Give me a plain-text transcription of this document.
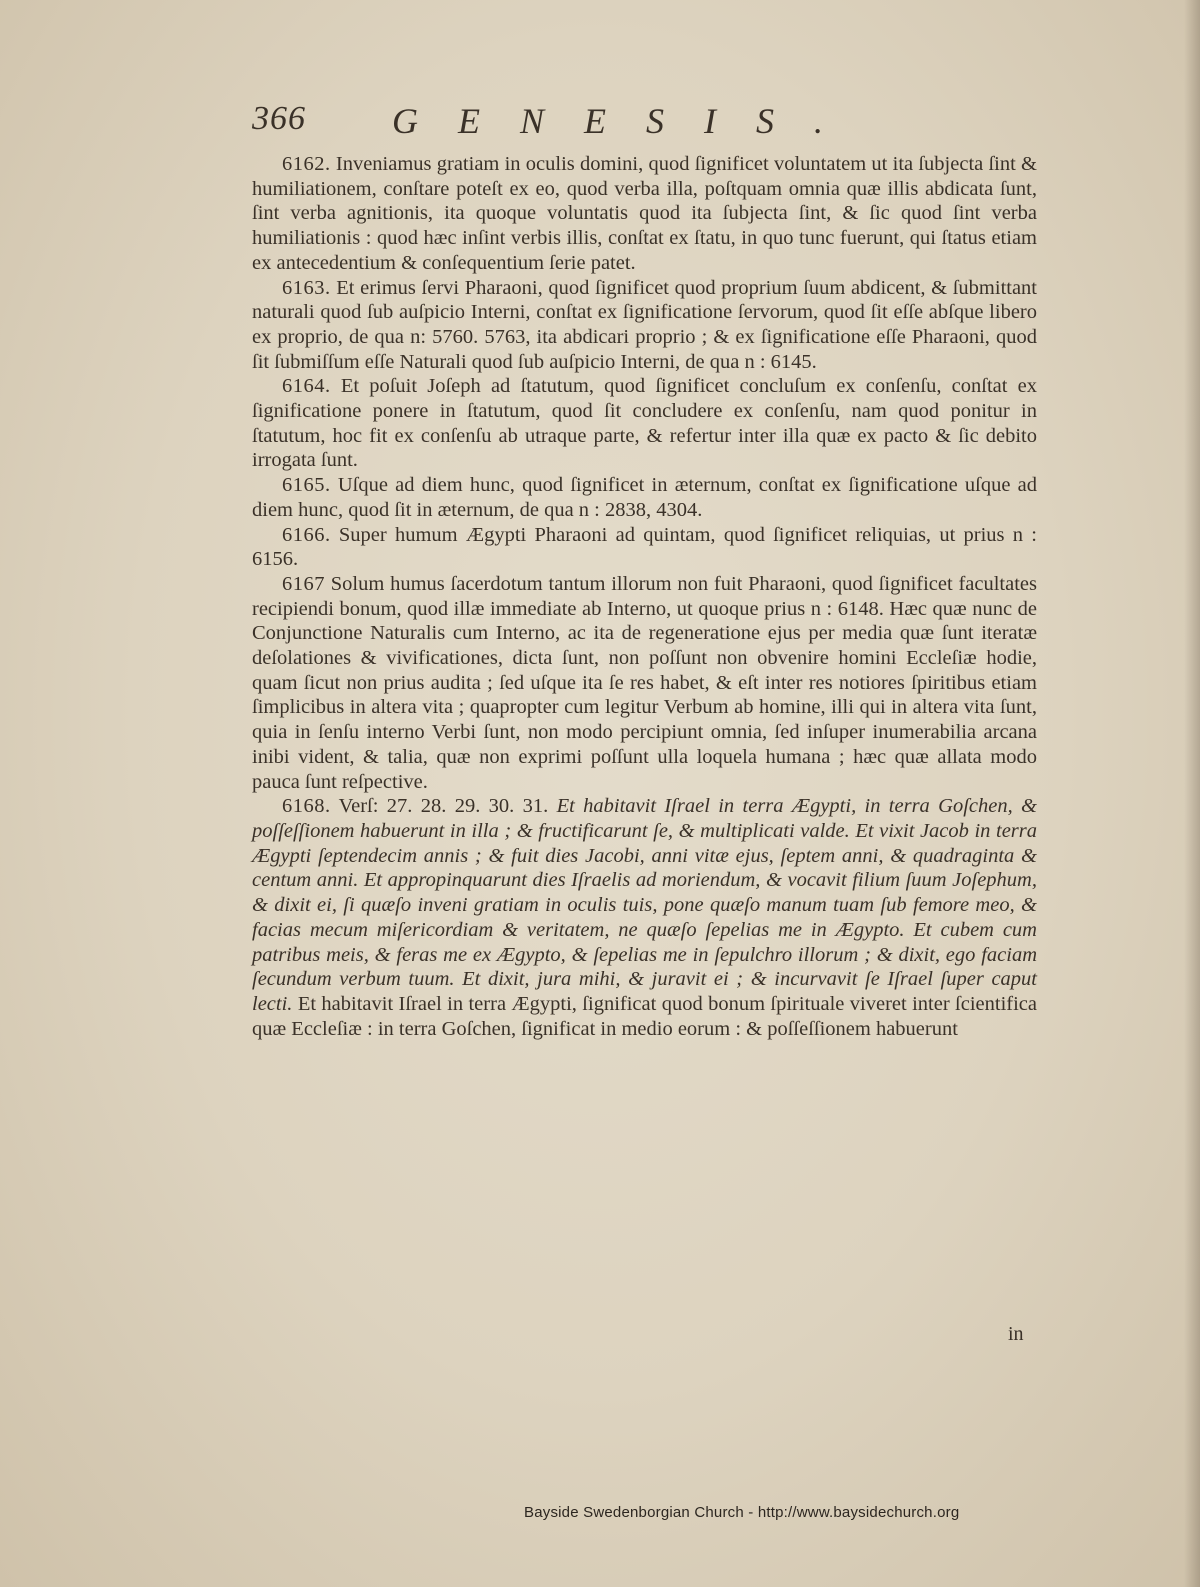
366 GENESIS.

6162. Inveniamus gratiam in oculis domini, quod ſignificet voluntatem ut ita ſubjecta ſint & humiliationem, conſtare poteſt ex eo, quod verba illa, poſtquam omnia quæ illis abdicata ſunt, ſint verba agnitionis, ita quoque voluntatis quod ita ſubjecta ſint, & ſic quod ſint verba humiliationis : quod hæc inſint verbis illis, conſtat ex ſtatu, in quo tunc fuerunt, qui ſtatus etiam ex antecedentium & conſequentium ſerie patet.

6163. Et erimus ſervi Pharaoni, quod ſignificet quod proprium ſuum abdicent, & ſubmittant naturali quod ſub auſpicio Interni, conſtat ex ſignificatione ſervorum, quod ſit eſſe abſque libero ex proprio, de qua n: 5760. 5763, ita abdicari proprio ; & ex ſignificatione eſſe Pharaoni, quod ſit ſubmiſſum eſſe Naturali quod ſub auſpicio Interni, de qua n : 6145.

6164. Et poſuit Joſeph ad ſtatutum, quod ſignificet concluſum ex conſenſu, conſtat ex ſignificatione ponere in ſtatutum, quod ſit concludere ex conſenſu, nam quod ponitur in ſtatutum, hoc fit ex conſenſu ab utraque parte, & refertur inter illa quæ ex pacto & ſic debito irrogata ſunt.

6165. Uſque ad diem hunc, quod ſignificet in æternum, conſtat ex ſignificatione uſque ad diem hunc, quod ſit in æternum, de qua n : 2838, 4304.

6166. Super humum Ægypti Pharaoni ad quintam, quod ſignificet reliquias, ut prius n : 6156.

6167 Solum humus ſacerdotum tantum illorum non fuit Pharaoni, quod ſignificet facultates recipiendi bonum, quod illæ immediate ab Interno, ut quoque prius n : 6148. Hæc quæ nunc de Conjunctione Naturalis cum Interno, ac ita de regeneratione ejus per media quæ ſunt iteratæ deſolationes & vivificationes, dicta ſunt, non poſſunt non obvenire homini Eccleſiæ hodie, quam ſicut non prius audita ; ſed uſque ita ſe res habet, & eſt inter res notiores ſpiritibus etiam ſimplicibus in altera vita ; quapropter cum legitur Verbum ab homine, illi qui in altera vita ſunt, quia in ſenſu interno Verbi ſunt, non modo percipiunt omnia, ſed inſuper inumerabilia arcana inibi vident, & talia, quæ non exprimi poſſunt ulla loquela humana ; hæc quæ allata modo pauca ſunt reſpective.

6168. Verſ: 27. 28. 29. 30. 31. Et habitavit Iſrael in terra Ægypti, in terra Goſchen, & poſſeſſionem habuerunt in illa ; & fructificarunt ſe, & multiplicati valde. Et vixit Jacob in terra Ægypti ſeptendecim annis ; & fuit dies Jacobi, anni vitæ ejus, ſeptem anni, & quadraginta & centum anni. Et appropinquarunt dies Iſraelis ad moriendum, & vocavit filium ſuum Joſephum, & dixit ei, ſi quæſo inveni gratiam in oculis tuis, pone quæſo manum tuam ſub femore meo, & facias mecum miſericordiam & veritatem, ne quæſo ſepelias me in Ægypto. Et cubem cum patribus meis, & feras me ex Ægypto, & ſepelias me in ſepulchro illorum ; & dixit, ego faciam ſecundum verbum tuum. Et dixit, jura mihi, & juravit ei ; & incurvavit ſe Iſrael ſuper caput lecti. Et habitavit Iſrael in terra Ægypti, ſignificat quod bonum ſpirituale viveret inter ſcientifica quæ Eccleſiæ : in terra Goſchen, ſignificat in medio eorum : & poſſeſſionem habuerunt

in
Bayside Swedenborgian Church - http://www.baysidechurch.org
